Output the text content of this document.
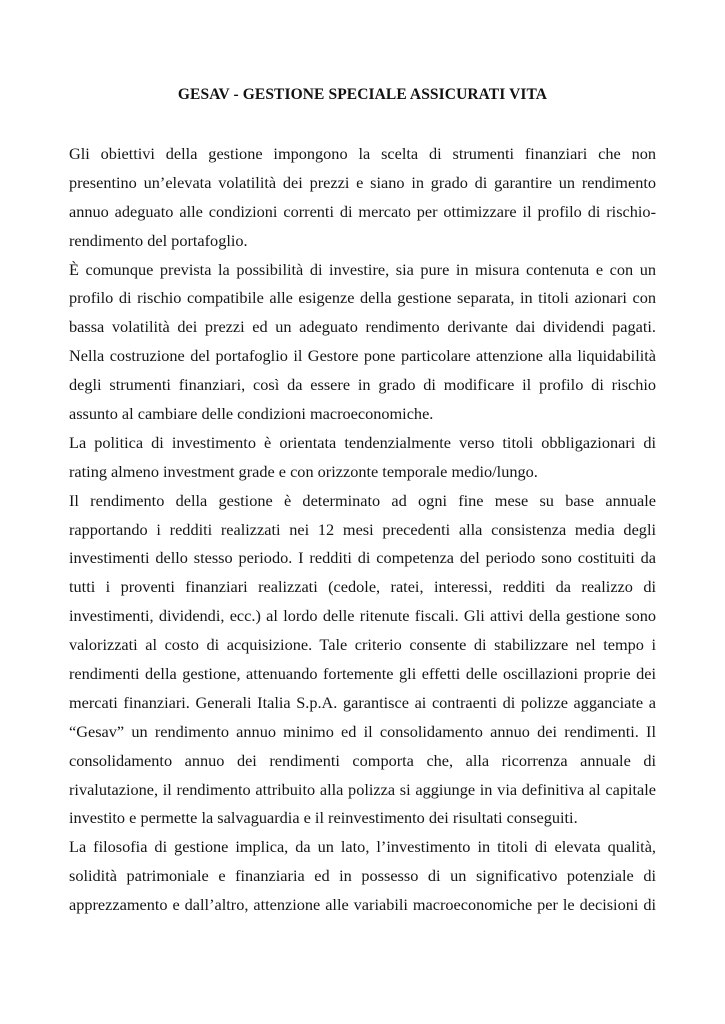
GESAV - GESTIONE SPECIALE ASSICURATI VITA
Gli obiettivi della gestione impongono la scelta di strumenti finanziari che non
presentino un’elevata volatilità dei prezzi e siano in grado di garantire un rendimento
annuo adeguato alle condizioni correnti di mercato per ottimizzare il profilo di rischio-
rendimento del portafoglio.
È comunque prevista la possibilità di investire, sia pure in misura contenuta e con un
profilo di rischio compatibile alle esigenze della gestione separata, in titoli azionari con
bassa volatilità dei prezzi ed un adeguato rendimento derivante dai dividendi pagati.
Nella costruzione del portafoglio il Gestore pone particolare attenzione alla liquidabilità
degli strumenti finanziari, così da essere in grado di modificare il profilo di rischio
assunto al cambiare delle condizioni macroeconomiche.
La politica di investimento è orientata tendenzialmente verso titoli obbligazionari di
rating almeno investment grade e con orizzonte temporale medio/lungo.
Il rendimento della gestione è determinato ad ogni fine mese su base annuale
rapportando i redditi realizzati nei 12 mesi precedenti alla consistenza media degli
investimenti dello stesso periodo. I redditi di competenza del periodo sono costituiti da
tutti i proventi finanziari realizzati (cedole, ratei, interessi, redditi da realizzo di
investimenti, dividendi, ecc.) al lordo delle ritenute fiscali. Gli attivi della gestione sono
valorizzati al costo di acquisizione. Tale criterio consente di stabilizzare nel tempo i
rendimenti della gestione, attenuando fortemente gli effetti delle oscillazioni proprie dei
mercati finanziari. Generali Italia S.p.A. garantisce ai contraenti di polizze agganciate a
“Gesav” un rendimento annuo minimo ed il consolidamento annuo dei rendimenti. Il
consolidamento annuo dei rendimenti comporta che, alla ricorrenza annuale di
rivalutazione, il rendimento attribuito alla polizza si aggiunge in via definitiva al capitale
investito e permette la salvaguardia e il reinvestimento dei risultati conseguiti.
La filosofia di gestione implica, da un lato, l’investimento in titoli di elevata qualità,
solidità patrimoniale e finanziaria ed in possesso di un significativo potenziale di
apprezzamento e dall’altro, attenzione alle variabili macroeconomiche per le decisioni di
